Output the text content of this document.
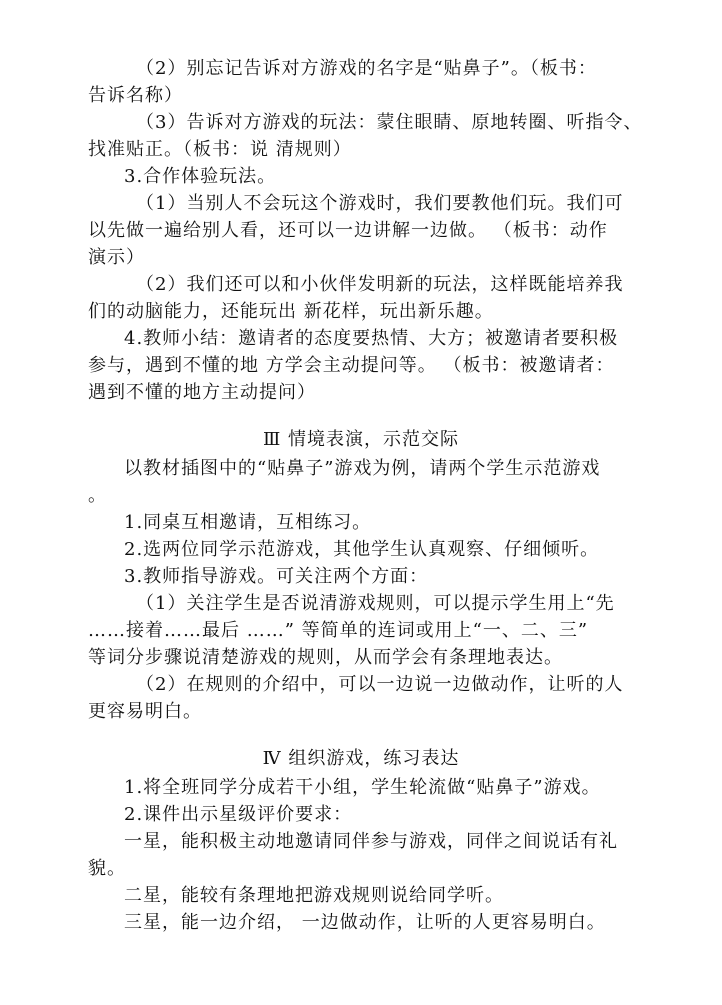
（2）别忘记告诉对方游戏的名字是“贴鼻子”。（板书：

告诉名称）

（3）告诉对方游戏的玩法：蒙住眼睛、原地转圈、听指令、

找准贴正。（板书：说 清规则）

3.合作体验玩法。

（1）当别人不会玩这个游戏时，我们要教他们玩。我们可

以先做一遍给别人看，还可以一边讲解一边做。 （板书：动作

演示）

（2）我们还可以和小伙伴发明新的玩法，这样既能培养我

们的动脑能力，还能玩出 新花样，玩出新乐趣。

4.教师小结：邀请者的态度要热情、大方；被邀请者要积极

参与，遇到不懂的地 方学会主动提问等。 （板书：被邀请者：

遇到不懂的地方主动提问）

Ⅲ 情境表演，示范交际

以教材插图中的“贴鼻子”游戏为例，请两个学生示范游戏

。

1.同桌互相邀请，互相练习。

2.选两位同学示范游戏，其他学生认真观察、仔细倾听。

3.教师指导游戏。可关注两个方面：

（1）关注学生是否说清游戏规则，可以提示学生用上“先

……接着……最后 ……” 等简单的连词或用上“一、二、三”

等词分步骤说清楚游戏的规则，从而学会有条理地表达。

（2）在规则的介绍中，可以一边说一边做动作，让听的人

更容易明白。

Ⅳ 组织游戏，练习表达

1.将全班同学分成若干小组，学生轮流做“贴鼻子”游戏。

2.课件出示星级评价要求：

一星，能积极主动地邀请同伴参与游戏，同伴之间说话有礼

貌。

二星，能较有条理地把游戏规则说给同学听。

三星，能一边介绍， 一边做动作，让听的人更容易明白。
